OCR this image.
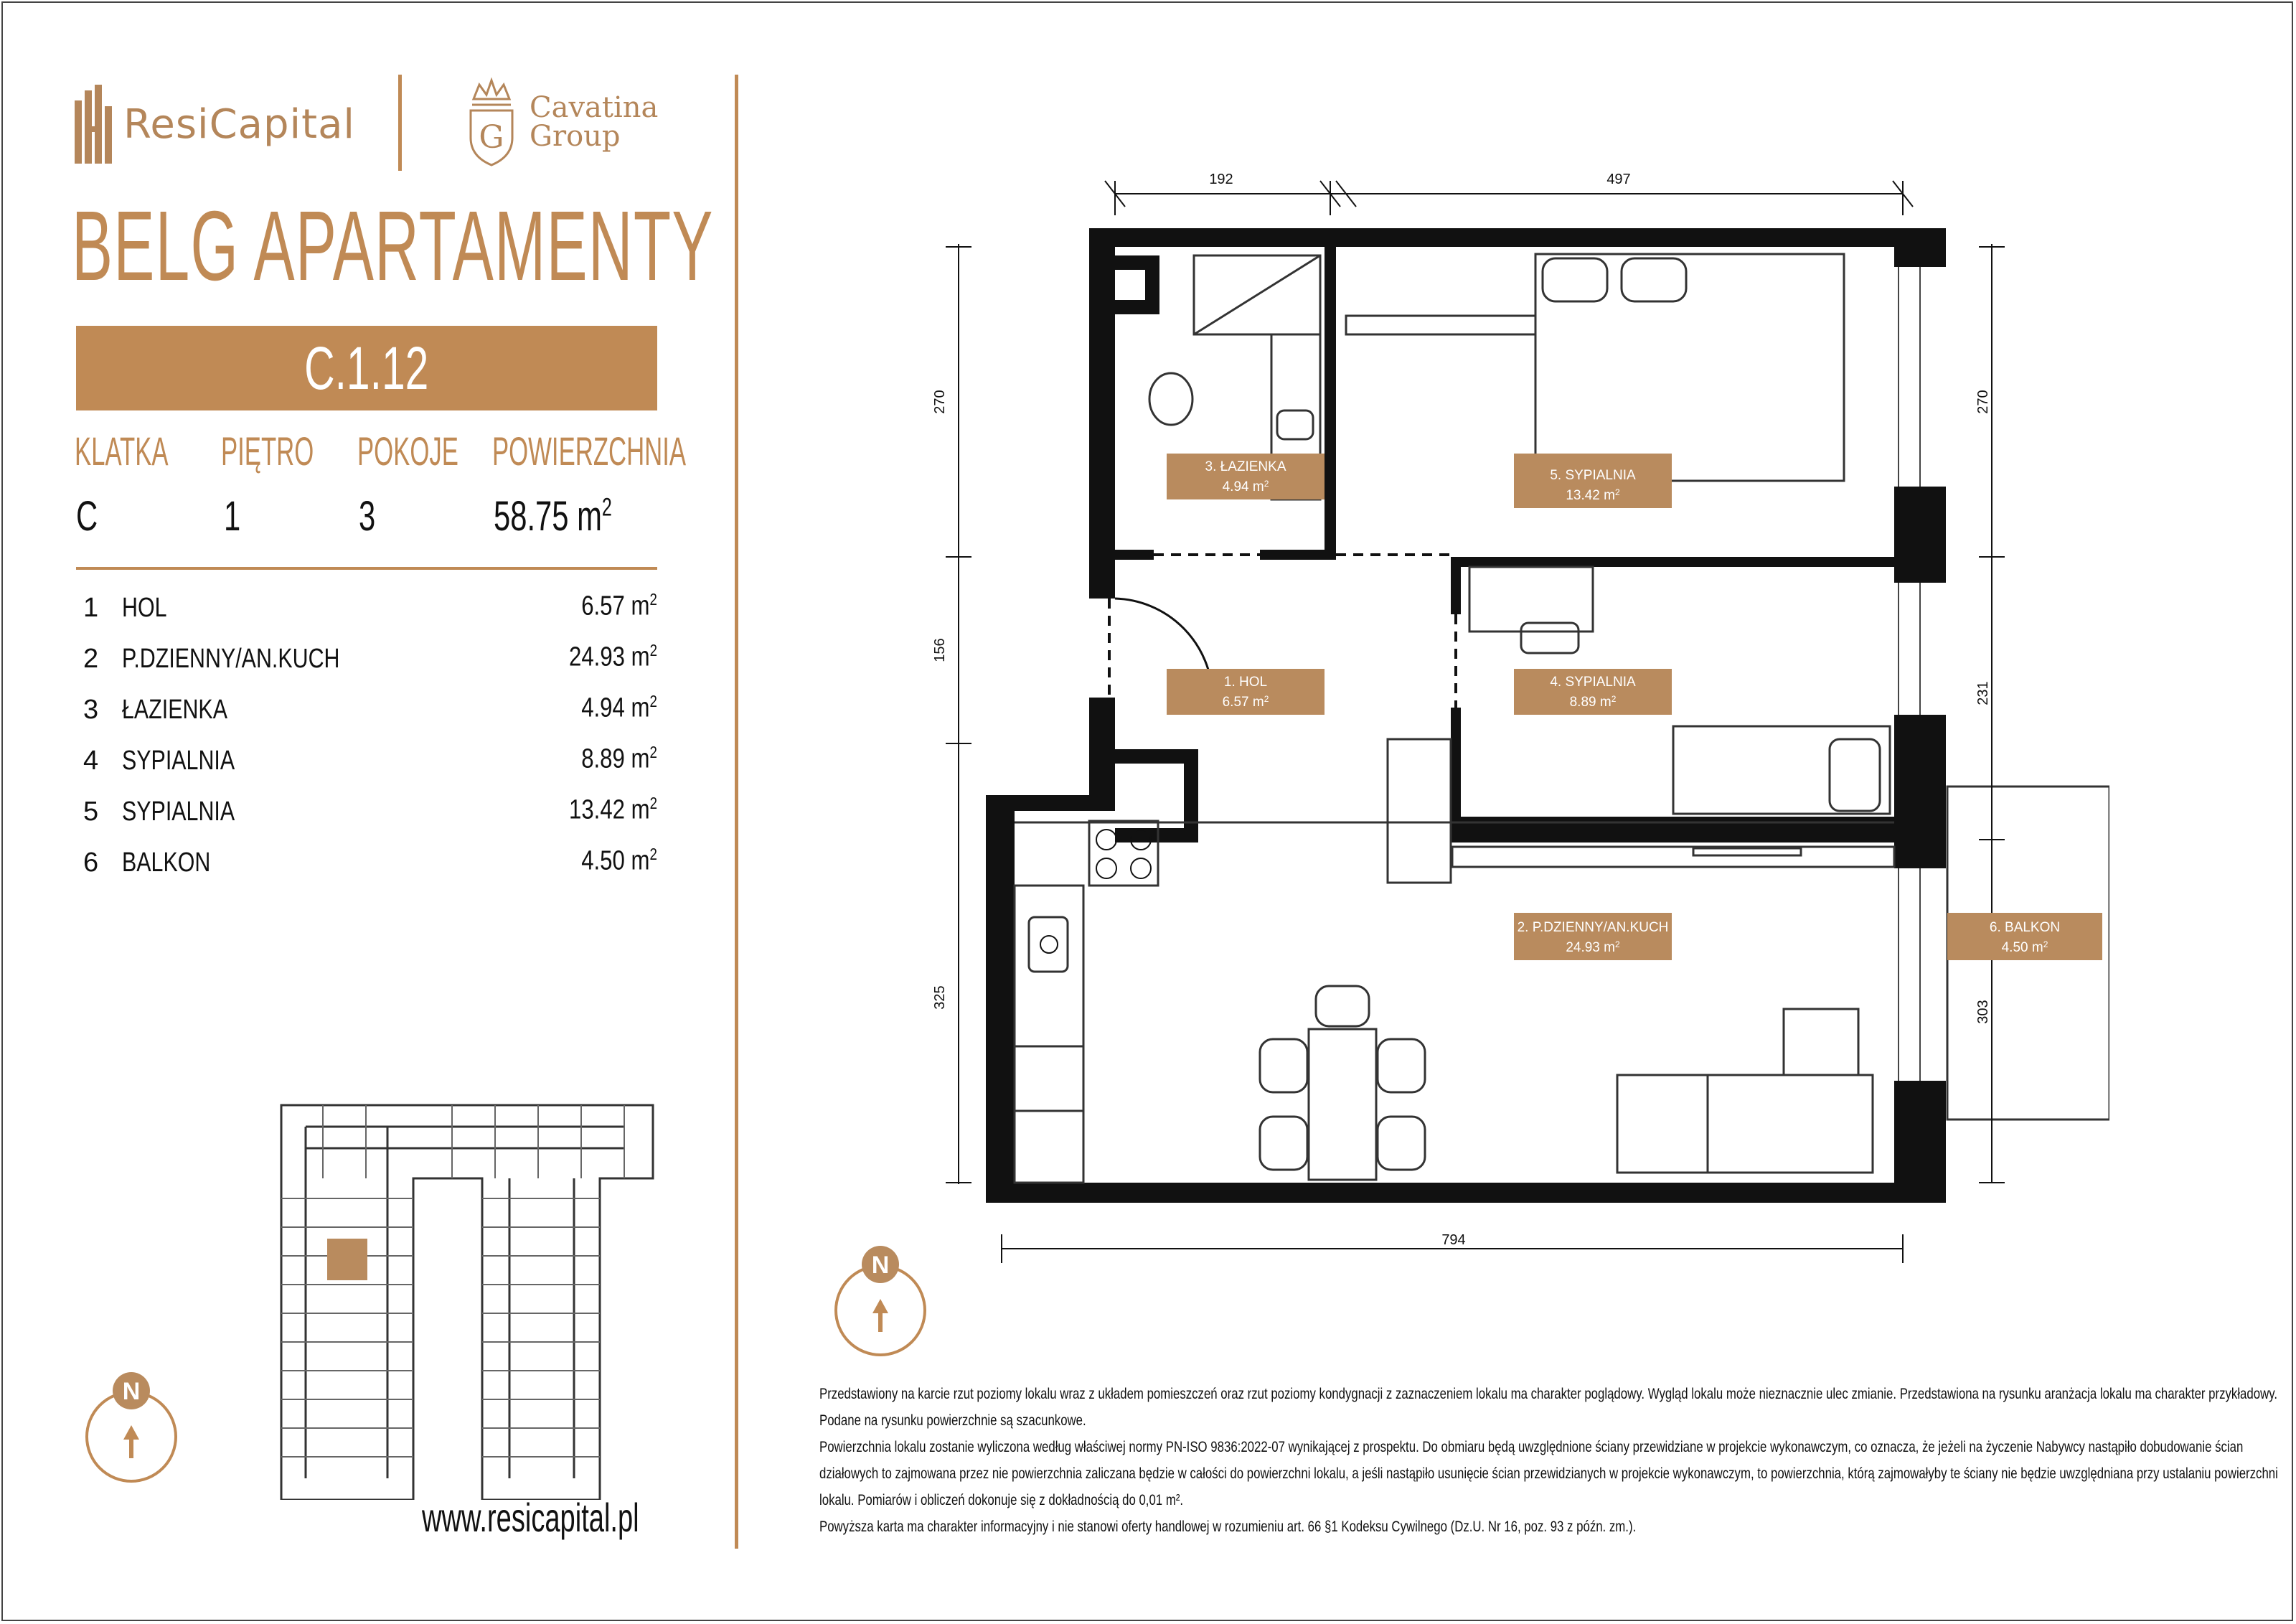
ResiCapital	G
Cavatina
Group
BELG APARTAMENTY
C.1.12
KLATKA PIĘTRO POKOJE POWIERZCHNIA
C	1	3	58.75 $m^2$
1 HOL	6.57 $m^2$
2 P.DZIENNY/AN.KUCH	24.93 $m^2$
3 ŁAZIENKA	4.94 $m^2$
4 SYPIALNIA	8.89 $m^2$
5 SYPIALNIA	13.42 $m^2$
6 BALKON	4.50 $m^2$
N
N
www.resicapital.pl
192	497
794
270
156
325
270
231
303
3. ŁAZIENKA
4.94 $m^2$
5. SYPIALNIA
13.42 $m^2$
1. HOL
6.57 $m^2$
4. SYPIALNIA
8.89 $m^2$
2. P.DZIENNY/AN.KUCH
24.93 $m^2$
6. BALKON
4.50 $m^2$

Przedstawiony na karcie rzut poziomy lokalu wraz z układem pomieszczeń oraz rzut poziomy kondygnacji z zaznaczeniem lokalu ma charakter poglądowy. Wygląd lokalu może nieznacznie ulec zmianie. Przedstawiona na rysunku aranżacja lokalu ma charakter przykładowy.

Podane na rysunku powierzchnie są szacunkowe.

Powierzchnia lokalu zostanie wyliczona według właściwej normy PN-ISO 9836:2022-07 wynikającej z prospektu. Do obmiaru będą uwzględnione ściany przewidziane w projekcie wykonawczym, co oznacza, że jeżeli na życzenie Nabywcy nastąpiło dobudowanie ścian

działowych to zajmowana przez nie powierzchnia zaliczana będzie w całości do powierzchni lokalu, a jeśli nastąpiło usunięcie ścian przewidzianych w projekcie wykonawczym, to powierzchnia, którą zajmowałyby te ściany nie będzie uwzględniana przy ustalaniu powierzchni

lokalu. Pomiarów i obliczeń dokonuje się z dokładnością do 0,01 m².

Powyższa karta ma charakter informacyjny i nie stanowi oferty handlowej w rozumieniu art. 66 §1 Kodeksu Cywilnego (Dz.U. Nr 16, poz. 93 z późn. zm.).
